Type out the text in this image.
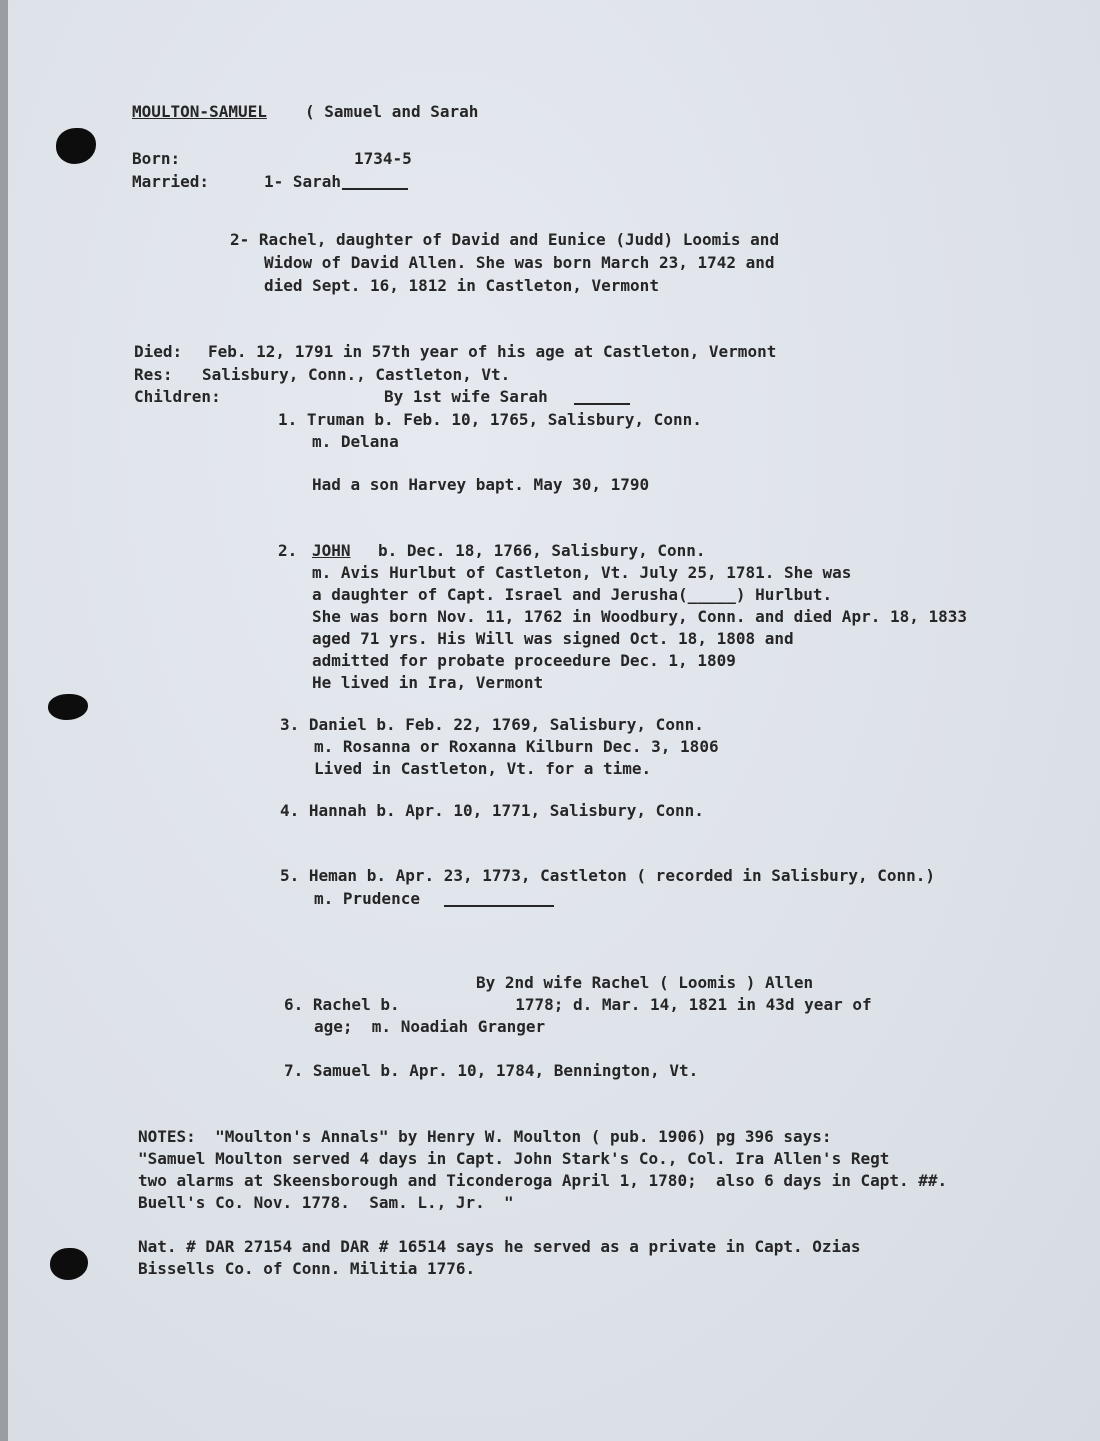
MOULTON-SAMUEL ( Samuel and Sarah

Born:	1734-5

Married:	1- Sarah

2- Rachel, daughter of David and Eunice (Judd) Loomis and

Widow of David Allen. She was born March 23, 1742 and

died Sept. 16, 1812 in Castleton, Vermont

Died: Feb. 12, 1791 in 57th year of his age at Castleton, Vermont

Res: Salisbury, Conn., Castleton, Vt.

Children:	By 1st wife Sarah

1. Truman b. Feb. 10, 1765, Salisbury, Conn.

m. Delana

Had a son Harvey bapt. May 30, 1790

2. JOHN b. Dec. 18, 1766, Salisbury, Conn.

m. Avis Hurlbut of Castleton, Vt. July 25, 1781. She was

a daughter of Capt. Israel and Jerusha(_____) Hurlbut.

She was born Nov. 11, 1762 in Woodbury, Conn. and died Apr. 18, 1833

aged 71 yrs. His Will was signed Oct. 18, 1808 and

admitted for probate proceedure Dec. 1, 1809

He lived in Ira, Vermont

3. Daniel b. Feb. 22, 1769, Salisbury, Conn.

m. Rosanna or Roxanna Kilburn Dec. 3, 1806

Lived in Castleton, Vt. for a time.

4. Hannah b. Apr. 10, 1771, Salisbury, Conn.

5. Heman b. Apr. 23, 1773, Castleton ( recorded in Salisbury, Conn.)

m. Prudence

By 2nd wife Rachel ( Loomis ) Allen

6. Rachel b.            1778; d. Mar. 14, 1821 in 43d year of

age;  m. Noadiah Granger

7. Samuel b. Apr. 10, 1784, Bennington, Vt.

NOTES:  "Moulton's Annals" by Henry W. Moulton ( pub. 1906) pg 396 says:

"Samuel Moulton served 4 days in Capt. John Stark's Co., Col. Ira Allen's Regt

two alarms at Skeensborough and Ticonderoga April 1, 1780;  also 6 days in Capt. ##.

Buell's Co. Nov. 1778.  Sam. L., Jr.  "

Nat. # DAR 27154 and DAR # 16514 says he served as a private in Capt. Ozias

Bissells Co. of Conn. Militia 1776.
